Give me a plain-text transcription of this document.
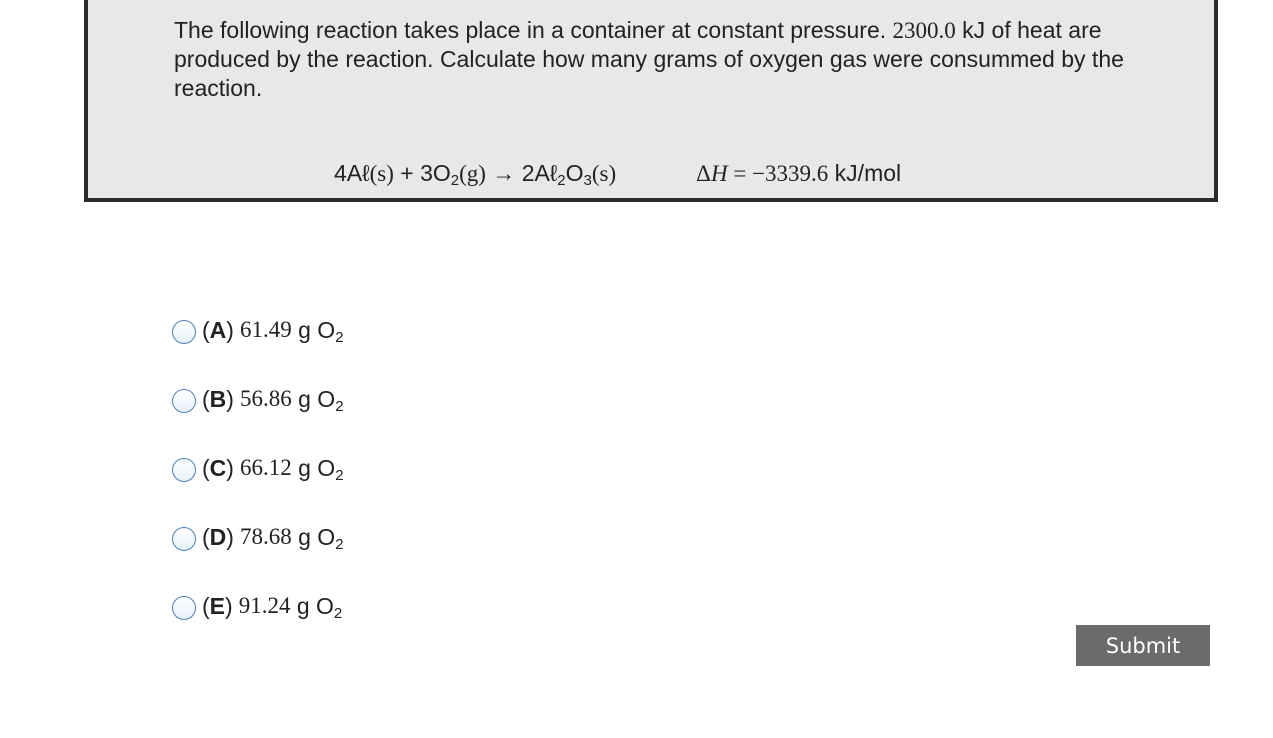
The following reaction takes place in a container at constant pressure. 2300.0 kJ of heat are produced by the reaction. Calculate how many grams of oxygen gas were consummed by the reaction.
4Aℓ(s) + $3O_2(g)$ → $2A\ell_2O_3(s)$	ΔH = −3339.6 kJ/mol
(A) 61.49
g $O_2$
(B) 56.86
g $O_2$
(C) 66.12
g $O_2$
(D) 78.68
g $O_2$
(E) 91.24
g $O_2$
Submit
